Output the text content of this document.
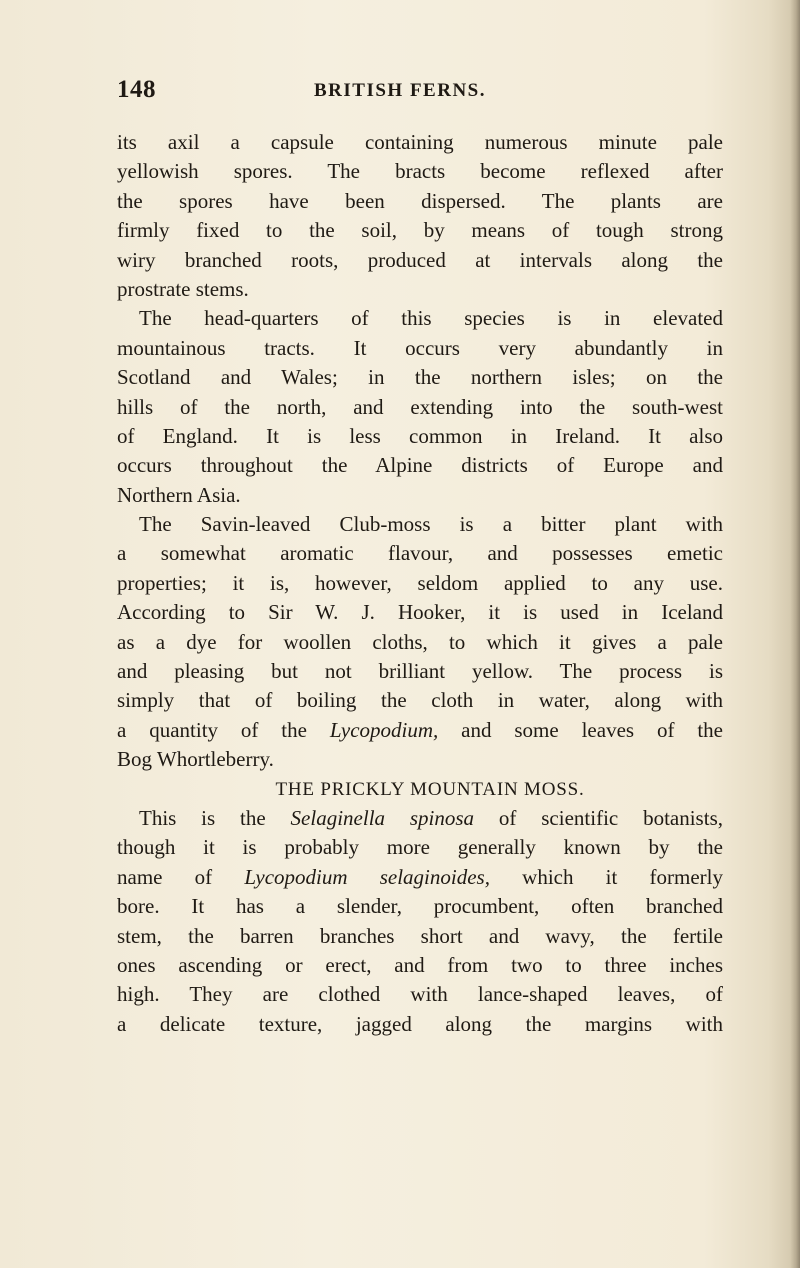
148	BRITISH FERNS.
its axil a capsule containing numerous minute pale
yellowish spores. The bracts become reflexed after
the spores have been dispersed. The plants are
firmly fixed to the soil, by means of tough strong
wiry branched roots, produced at intervals along the
prostrate stems.
The head-quarters of this species is in elevated
mountainous tracts. It occurs very abundantly in
Scotland and Wales; in the northern isles; on the
hills of the north, and extending into the south-west
of England. It is less common in Ireland. It also
occurs throughout the Alpine districts of Europe and
Northern Asia.
The Savin-leaved Club-moss is a bitter plant with
a somewhat aromatic flavour, and possesses emetic
properties; it is, however, seldom applied to any use.
According to Sir W. J. Hooker, it is used in Iceland
as a dye for woollen cloths, to which it gives a pale
and pleasing but not brilliant yellow. The process is
simply that of boiling the cloth in water, along with
a quantity of the Lycopodium, and some leaves of the
Bog Whortleberry.
THE PRICKLY MOUNTAIN MOSS.
This is the Selaginella spinosa of scientific botanists,
though it is probably more generally known by the
name of Lycopodium selaginoides, which it formerly
bore. It has a slender, procumbent, often branched
stem, the barren branches short and wavy, the fertile
ones ascending or erect, and from two to three inches
high. They are clothed with lance-shaped leaves, of
a delicate texture, jagged along the margins with
